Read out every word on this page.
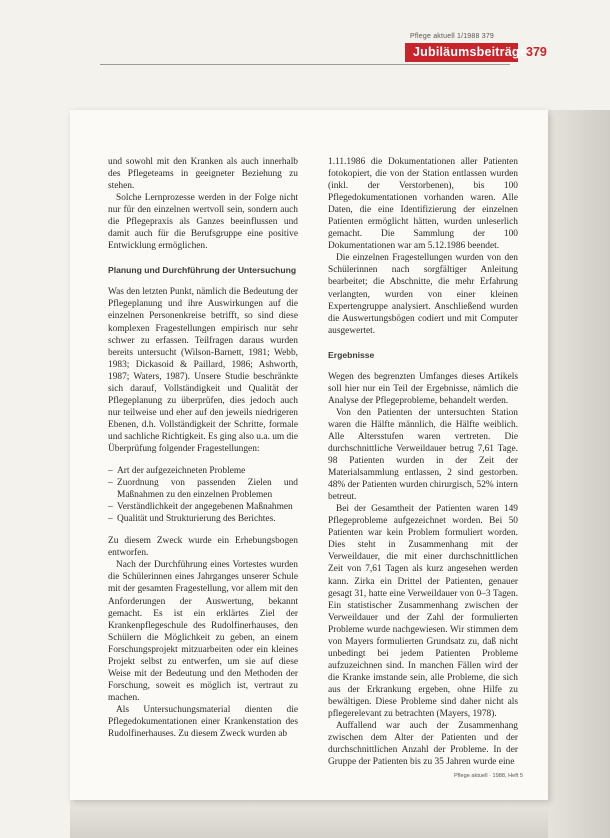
Pflege aktuell 1/1988 379
Jubiläumsbeiträge 379

und sowohl mit den Kranken als auch innerhalb des Pflegeteams in geeigneter Beziehung zu stehen.

Solche Lernprozesse werden in der Folge nicht nur für den einzelnen wertvoll sein, sondern auch die Pflegepraxis als Ganzes beeinflussen und damit auch für die Berufsgruppe eine positive Entwicklung ermöglichen.

Planung und Durchführung der Untersuchung

Was den letzten Punkt, nämlich die Bedeutung der Pflegeplanung und ihre Auswirkungen auf die einzelnen Personenkreise betrifft, so sind diese komplexen Fragestellungen empirisch nur sehr schwer zu erfassen. Teilfragen daraus wurden bereits untersucht (Wilson-Barnett, 1981; Webb, 1983; Dickasoid & Paillard, 1986; Ashworth, 1987; Waters, 1987). Unsere Studie beschränkte sich darauf, Vollständigkeit und Qualität der Pflegeplanung zu überprüfen, dies jedoch auch nur teilweise und eher auf den jeweils niedrigeren Ebenen, d.h. Vollständigkeit der Schritte, formale und sachliche Richtigkeit. Es ging also u.a. um die Überprüfung folgender Fragestellungen:

– Art der aufgezeichneten Probleme
– Zuordnung von passenden Zielen und Maßnahmen zu den einzelnen Problemen
– Verständlichkeit der angegebenen Maßnahmen
– Qualität und Strukturierung des Berichtes.

Zu diesem Zweck wurde ein Erhebungsbogen entworfen.

Nach der Durchführung eines Vortestes wurden die Schülerinnen eines Jahrganges unserer Schule mit der gesamten Fragestellung, vor allem mit den Anforderungen der Auswertung, bekannt gemacht. Es ist ein erklärtes Ziel der Krankenpflegeschule des Rudolfinerhauses, den Schülern die Möglichkeit zu geben, an einem Forschungsprojekt mitzuarbeiten oder ein kleines Projekt selbst zu entwerfen, um sie auf diese Weise mit der Bedeutung und den Methoden der Forschung, soweit es möglich ist, vertraut zu machen.

Als Untersuchungsmaterial dienten die Pflegedokumentationen einer Krankenstation des Rudolfinerhauses. Zu diesem Zweck wurden ab

1.11.1986 die Dokumentationen aller Patienten fotokopiert, die von der Station entlassen wurden (inkl. der Verstorbenen), bis 100 Pflegedokumentationen vorhanden waren. Alle Daten, die eine Identifizierung der einzelnen Patienten ermöglicht hätten, wurden unleserlich gemacht. Die Sammlung der 100 Dokumentationen war am 5.12.1986 beendet.

Die einzelnen Fragestellungen wurden von den Schülerinnen nach sorgfältiger Anleitung bearbeitet; die Abschnitte, die mehr Erfahrung verlangten, wurden von einer kleinen Expertengruppe analysiert. Anschließend wurden die Auswertungsbögen codiert und mit Computer ausgewertet.

Ergebnisse

Wegen des begrenzten Umfanges dieses Artikels soll hier nur ein Teil der Ergebnisse, nämlich die Analyse der Pflegeprobleme, behandelt werden.

Von den Patienten der untersuchten Station waren die Hälfte männlich, die Hälfte weiblich. Alle Altersstufen waren vertreten. Die durchschnittliche Verweildauer betrug 7,61 Tage. 98 Patienten wurden in der Zeit der Materialsammlung entlassen, 2 sind gestorben. 48% der Patienten wurden chirurgisch, 52% intern betreut.

Bei der Gesamtheit der Patienten waren 149 Pflegeprobleme aufgezeichnet worden. Bei 50 Patienten war kein Problem formuliert worden. Dies steht in Zusammenhang mit der Verweildauer, die mit einer durchschnittlichen Zeit von 7,61 Tagen als kurz angesehen werden kann. Zirka ein Drittel der Patienten, genauer gesagt 31, hatte eine Verweildauer von 0–3 Tagen. Ein statistischer Zusammenhang zwischen der Verweildauer und der Zahl der formulierten Probleme wurde nachgewiesen. Wir stimmen dem von Mayers formulierten Grundsatz zu, daß nicht unbedingt bei jedem Patienten Probleme aufzuzeichnen sind. In manchen Fällen wird der die Kranke imstande sein, alle Probleme, die sich aus der Erkrankung ergeben, ohne Hilfe zu bewältigen. Diese Probleme sind daher nicht als pflegerelevant zu betrachten (Mayers, 1978).

Auffallend war auch der Zusammenhang zwischen dem Alter der Patienten und der durchschnittlichen Anzahl der Probleme. In der Gruppe der Patienten bis zu 35 Jahren wurde eine

Pflege aktuell · 1988, Heft 5
